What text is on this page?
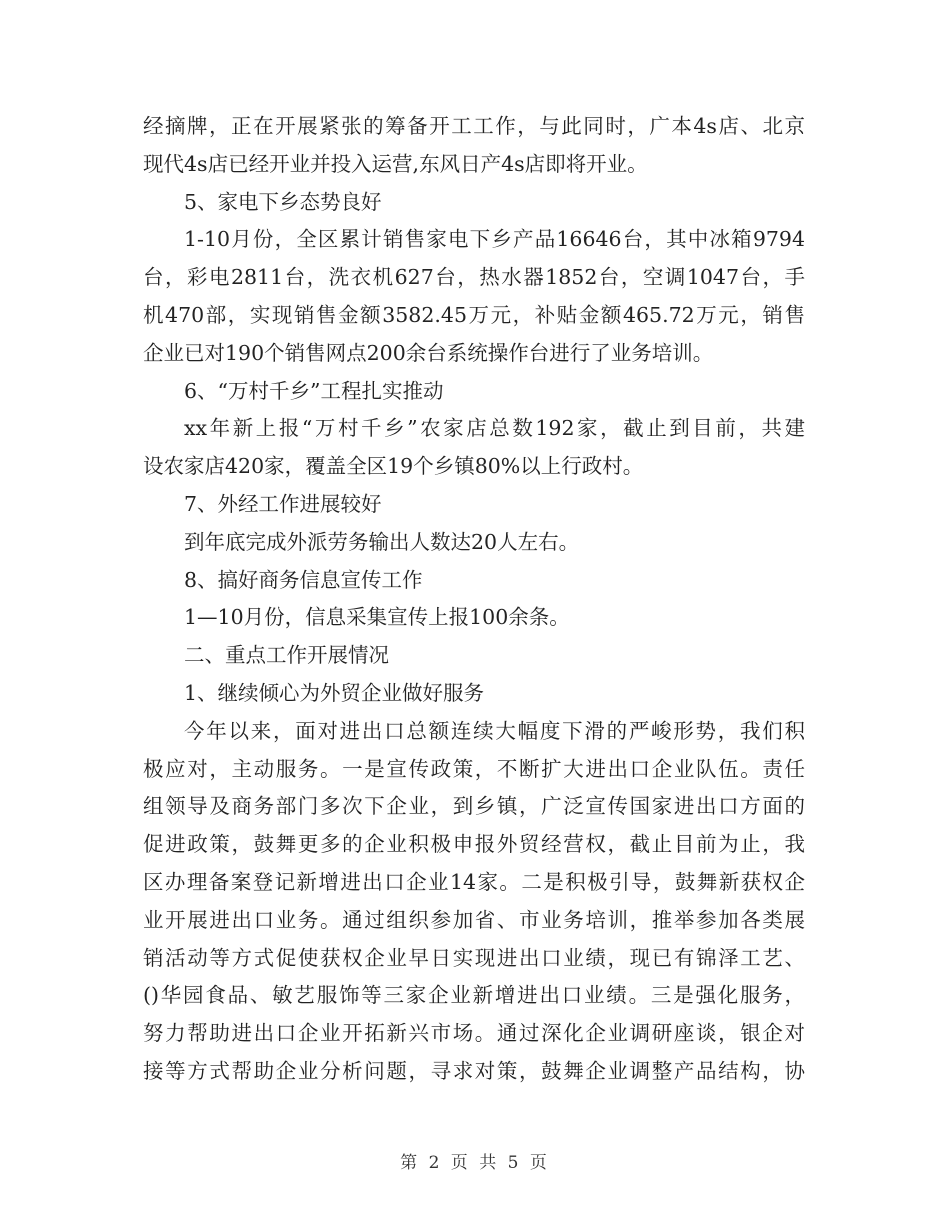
经摘牌，正在开展紧张的筹备开工工作，与此同时，广本4s店、北京
现代4s店已经开业并投入运营,东风日产4s店即将开业。
5、家电下乡态势良好
1-10月份，全区累计销售家电下乡产品16646台，其中冰箱9794
台，彩电2811台，洗衣机627台，热水器1852台，空调1047台，手
机470部，实现销售金额3582.45万元，补贴金额465.72万元，销售
企业已对190个销售网点200余台系统操作台进行了业务培训。
6、“万村千乡”工程扎实推动
xx年新上报“万村千乡”农家店总数192家，截止到目前，共建
设农家店420家，覆盖全区19个乡镇80%以上行政村。
7、外经工作进展较好
到年底完成外派劳务输出人数达20人左右。
8、搞好商务信息宣传工作
1—10月份，信息采集宣传上报100余条。
二、重点工作开展情况
1、继续倾心为外贸企业做好服务
今年以来，面对进出口总额连续大幅度下滑的严峻形势，我们积
极应对，主动服务。一是宣传政策，不断扩大进出口企业队伍。责任
组领导及商务部门多次下企业，到乡镇，广泛宣传国家进出口方面的
促进政策，鼓舞更多的企业积极申报外贸经营权，截止目前为止，我
区办理备案登记新增进出口企业14家。二是积极引导，鼓舞新获权企
业开展进出口业务。通过组织参加省、市业务培训，推举参加各类展
销活动等方式促使获权企业早日实现进出口业绩，现已有锦泽工艺、
()华园食品、敏艺服饰等三家企业新增进出口业绩。三是强化服务，
努力帮助进出口企业开拓新兴市场。通过深化企业调研座谈，银企对
接等方式帮助企业分析问题，寻求对策，鼓舞企业调整产品结构，协
第 2 页 共 5 页
